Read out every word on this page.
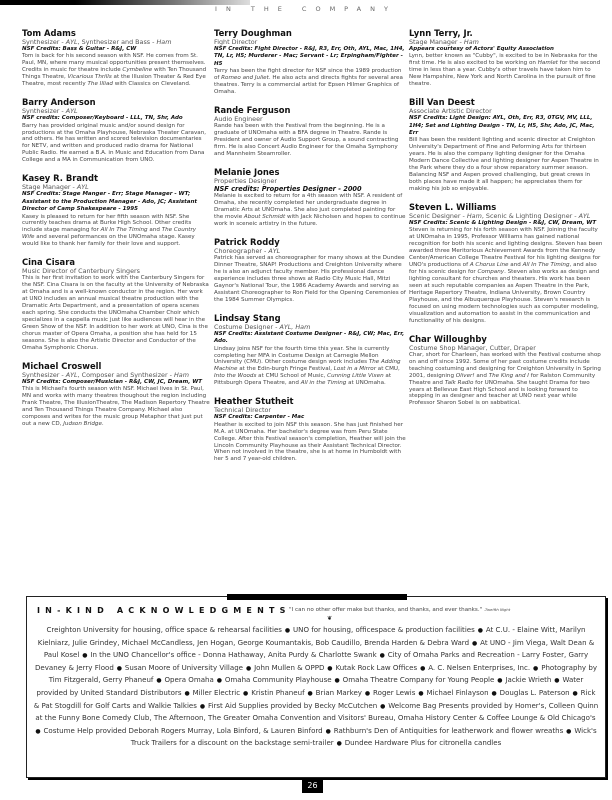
IN THE COMPANY
Tom Adams
Synthesizer - AYL, Synthesizer and Bass - Ham
NSF Credits: Bass & Guitar - R&J, CW
Tom is back for his second season with NSF. He comes from St. Paul, MN, where many musical opportunities present themselves. Credits in music for theatre include Cymbeline with Ten Thousand Things Theatre, Vicarious Thrills at the Illusion Theater & Red Eye Theatre, most recently The Illiad with Classics on Cleveland.
Barry Anderson
Synthesizer - AYL
NSF credits: Composer/Keyboard - LLL, TN, Shr, Ado
Barry has provided original music and/or sound design for productions at the Omaha Playhouse, Nebraska Theater Caravan, and others. He has written and scored television documentaries for NETV, and written and produced radio drama for National Public Radio. He earned a B.A. in Music and Education from Dana College and a MA in Communication from UNO.
Kasey R. Brandt
Stage Manager - AYL
NSF Credits: Stage Manger - Err; Stage Manager - WT; Assistant to the Production Manager - Ado, JC; Assistant Director of Camp Shakespeare - 1995
Kasey is pleased to return for her fifth season with NSF. She currently teaches drama at Burke High School. Other credits include stage managing for All In The Timing and The Country Wife and several peformances on the UNOmaha stage. Kasey would like to thank her family for their love and support.
Cina Cisara
Music Director of Canterbury Singers
This is her first invitation to work with the Canterbury Singers for the NSF. Cina Cisara is on the faculty at the University of Nebraska at Omaha and is a well-known conductor in the region. Her work at UNO includes an annual musical theatre production with the Dramatic Arts Department, and a presentation of opera scenes each spring. She conducts the UNOmaha Chamber Choir which specializes in a cappella music just like audiences will hear in the Green Show of the NSF. In addition to her work at UNO, Cina is the chorus master of Opera Omaha, a position she has held for 15 seasons. She is also the Artistic Director and Conductor of the Omaha Symphonic Chorus.
Michael Croswell
Synthesizer - AYL, Composer and Synthesizer - Ham
NSF Credits: Composer/Musician - R&J, CW, JC, Dream, WT
This is Michael's fourth season with NSF. Michael lives in St. Paul, MN and works with many theatres thoughout the region including Frank Theatre, The IllusionTheatre, The Madison Repertory Theatre and Ten Thousand Things Theatre Company. Michael also composes and writes for the music group Metaphor that just put out a new CD, Judson Bridge.
Terry Doughman
Fight Director
NSF Credits: Fight Director - R&J, R3, Err, Oth, AYL, Mac, 1H4, TN, Lr, H5; Murderer - Mac; Servant - Lr; Erpingham/Fighter - H5
Terry has been the fight director for NSF since the 1989 production of Romeo and Juliet. He also acts and directs fights for several area theatres. Terry is a commercial artist for Epsen Hilmer Graphics of Omaha.
Rande Ferguson
Audio Engineer
Rande has been with the Festival from the beginning. He is a graduate of UNOmaha with a BFA degree in Theatre. Rande is President and owner of Audio Support Group, a sound contracting firm. He is also Concert Audio Engineer for the Omaha Symphony and Mannheim Steamroller.
Melanie Jones
Properties Designer
NSF credits: Properties Designer - 2000
Melanie is excited to return for a 4th season with NSF. A resident of Omaha, she recently completed her undergraduate degree in Dramatic Arts at UNOmaha. She also just completed painting for the movie About Schmidt with Jack Nicholsen and hopes to continue work in sceneic artistry in the future.
Patrick Roddy
Choreographer - AYL
Patrick has served as choreographer for many shows at the Dundee Dinner Theatre, SNAP! Productions and Creighton University where he is also an adjunct faculty member. His professional dance experience includes three shows at Radio City Music Hall, Mitzi Gaynor's National Tour, the 1986 Academy Awards and serving as Assistant Choreographer to Ron Field for the Opening Ceremonies of the 1984 Summer Olympics.
Lindsay Stang
Costume Designer - AYL, Ham
NSF Credits: Assistant Costume Designer - R&J, CW; Mac, Err, Ado.
Lindsay joins NSF for the fourth time this year. She is currently completing her MFA in Costume Design at Carnegie Mellon University (CMU). Other costume design work includes The Adding Machine at the Edin-burgh Fringe Festival, Lost in a Mirror at CMU, Into the Woods at CMU School of Music, Cunning Little Vixen at Pittsburgh Opera Theatre, and All in the Timing at UNOmaha.
Heather Stutheit
Technical Director
NSF Credits: Carpenter - Mac
Heather is excited to join NSF this season. She has just finished her M.A. at UNOmaha. Her bachelor's degree was from Peru State College. After this Festival season's completion, Heather will join the Lincoln Community Playhouse as their Assistant Technical Director. When not involved in the theatre, she is at home in Humboldt with her 5 and 7 year-old children.
Lynn Terry, Jr.
Stage Manager - Ham
Appears courtesy of Actors' Equity Association
Lynn, better known as "Cubby", is excited to be in Nebraska for the first time. He is also excited to be working on Hamlet for the second time in less than a year. Cubby's other travels have taken him to New Hampshire, New York and North Carolina in the pursuit of fine theatre.
Bill Van Deest
Associate Artistic Director
NSF Credits: Light Design: AYL, Oth, Err, R3, 0TGV, MV, LLL, 1H4; Set and Lighting Design - TN, Lr, H5, Shr, Ado, JC, Mac, Err
Bill has been the resident lighting and scenic director at Creighton University's Department of Fine and Peforming Arts for thirteen years. He is also the company lighting designer for the Omaha Modern Dance Collective and lighting designer for Aspen Theatre in the Park where they do a four show reparatory summer season. Balancing NSF and Aspen proved challenging, but great crews in both places have made it all happen; he appreciates them for making his job so enjoyable.
Steven L. Williams
Scenic Designer - Ham, Scenic & Lighting Designer - AYL
NSF Credits: Scenic & Lighting Design - R&J, CW, Dream, WT
Steven is returning for his forth season with NSF. Joining the faculty at UNOmaha in 1995, Professor Williams has gained national recognition for both his scenic and lighting designs. Steven has been awarded three Meritorious Achievement Awards from the Kennedy Center/American College Theatre Festival for his lighting designs for UNO's productions of A Chorus Line and All In The Timing, and also for his scenic design for Company. Steven also works as design and lighting consultant for churches and theaters. His work has been seen at such reputable companies as Aspen Theatre in the Park, Heritage Repertory Theatre, Indiana University, Brown Country Playhouse, and the Albuquerque Playhouse. Steven's research is focused on using modern technologies such as computer modeling, visualization and automation to assist in the communication and functionality of his designs.
Char Willoughby
Costume Shop Manager, Cutter, Draper
Char, short for Charleen, has worked with the Festival costume shop on and off since 1992. Some of her past costume credits include teaching costuming and designing for Creighton University in Spring 2001, designing Oliver! and The King and I for Ralston Community Theatre and Talk Radio for UNOmaha. She taught Drama for two years at Bellevue East High School and is looking forward to stepping in as designer and teacher at UNO next year while Professor Sharon Sobel is on sabbatical.
IN-KIND ACKNOWLEDGMENTS
"I can no other offer make but thanks, and thanks, and ever thanks." -Twelfth Night
❦
Creighton University for housing, office space & rehearsal facilities ● UNO for housing, officespace & production facilities ● At C.U. - Elaine Witt, Marilyn Kielniarz, Julie Grindey, Michael McCandless, Jen Hogan, George Koumantakis, Bob Caudillo, Brenda Harden & Debra Ward ● At UNO - Jim Viega, Walt Dean & Paul Kosel ● In the UNO Chancellor's office - Donna Hathaway, Anita Purdy & Charlotte Swank ● City of Omaha Parks and Recreation - Larry Foster, Garry Devaney & Jerry Flood ● Susan Moore of University Village ● John Mullen & OPPD ● Kutak Rock Law Offices ● A. C. Nelsen Enterprises, Inc. ● Photography by Tim Fitzgerald, Gerry Phaneuf ● Opera Omaha ● Omaha Community Playhouse ● Omaha Theatre Company for Young People ● Jackie Wrieth ● Water provided by United Standard Distributors ● Miller Electric ● Kristin Phaneuf ● Brian Markey ● Roger Lewis ● Michael Finlayson ● Douglas L. Paterson ● Rick & Pat Stogdill for Golf Carts and Walkie Talkies ● First Aid Supplies provided by Becky McCutchen ● Welcome Bag Presents provided by Homer's, Colleen Quinn at the Funny Bone Comedy Club, The Afternoon, The Greater Omaha Convention and Visitors' Bureau, Omaha History Center & Coffee Lounge & Old Chicago's ● Costume Help provided Deborah Rogers Murray, Lola Binford, & Lauren Binford ● Rathburn's Den of Antiquities for leatherwork and flower wreaths ● Wick's Truck Trailers for a discount on the backstage semi-trailer ● Dundee Hardware Plus for citronella candles
26
